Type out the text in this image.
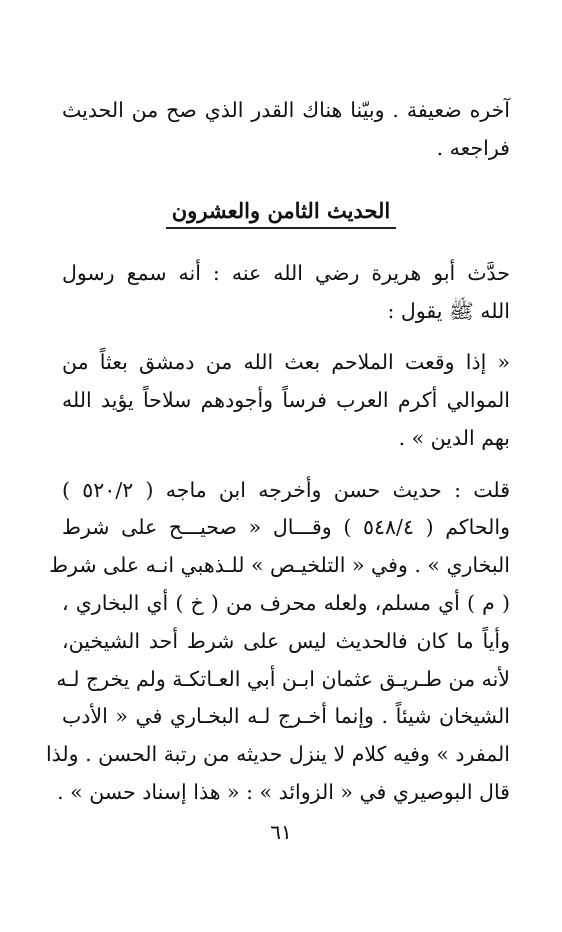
آخره ضعيفة . وبيّنا هناك القدر الذي صح من الحديث
فراجعه .
الحديث الثامن والعشرون
حدَّث أبو هريرة رضي الله عنه : أنه سمع رسول
الله ﷺ يقول :
« إذا وقعت الملاحم بعث الله من دمشق بعثاً من
الموالي أكرم العرب فرساً وأجودهم سلاحاً يؤيد الله
بهم الدين » .
قلت : حديث حسن وأخرجه ابن ماجه ( ٥٢٠/٢ )
والحاكم ( ٥٤٨/٤ ) وقـــال « صحيـــح على شرط
البخاري » . وفي « التلخيـص » للـذهبي انـه على شرط
( م ) أي مسلم، ولعله محرف من ( خ ) أي البخاري ،
وأياً ما كان فالحديث ليس على شرط أحد الشيخين،
لأنه من طـريـق عثمان ابـن أبي العـاتكـة ولم يخرج لـه
الشيخان شيئاً . وإنما أخـرج لـه البخـاري في « الأدب
المفرد » وفيه كلام لا ينزل حديثه من رتبة الحسن . ولذا
قال البوصيري في « الزوائد » : « هذا إسناد حسن » .
٦١
